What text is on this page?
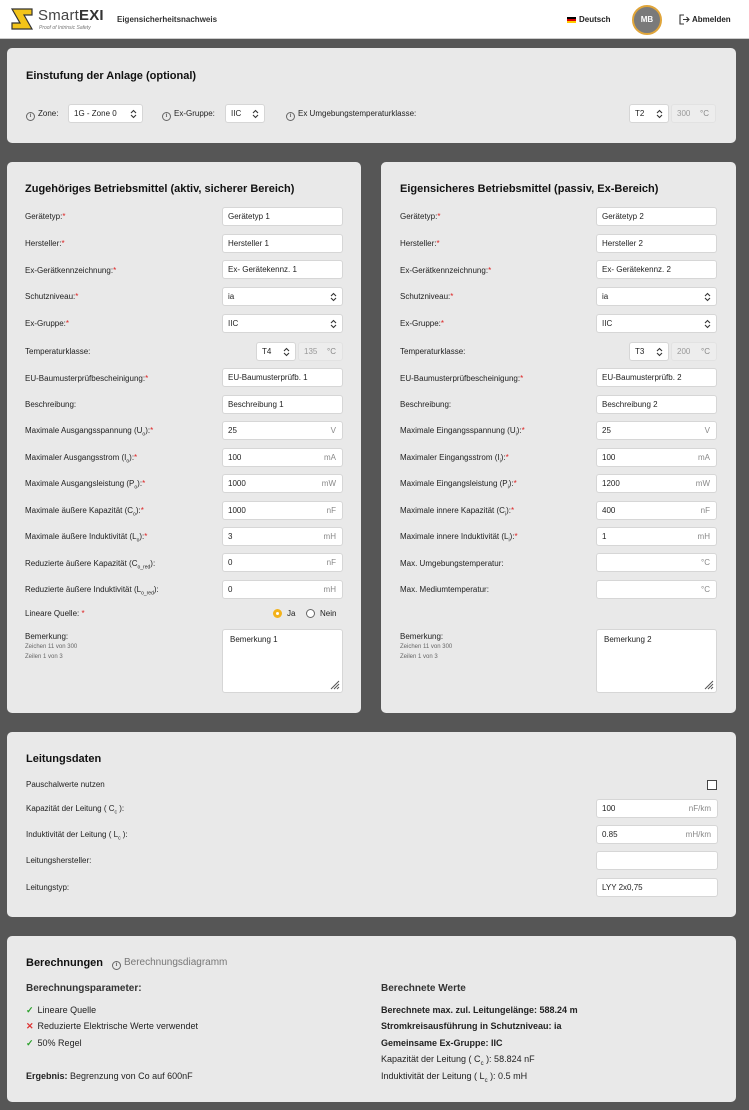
SmartEXI
Proof of Intrinsic Safety
Eigensicherheitsnachweis	Deutsch	MB	Abmelden
Einstufung der Anlage (optional)
i Zone:	1G - Zone 0	i Ex-Gruppe:	IIC	i Ex Umgebungstemperaturklasse:	T2	300 °C
Zugehöriges Betriebsmittel (aktiv, sicherer Bereich)
Gerätetyp:*	Gerätetyp 1
Hersteller:*	Hersteller 1
Ex-Gerätkennzeichnung:*	Ex- Gerätekennz. 1
Schutzniveau:*	ia
Ex-Gruppe:*	IIC
Temperaturklasse:	T4	135 °C
EU-Baumusterprüfbescheinigung:*	EU-Baumusterprüfb. 1
Beschreibung:	Beschreibung 1
Maximale Ausgangsspannung $(U_o):*$	25	V
Maximaler Ausgangsstrom $(I_o):*$	100	mA
Maximale Ausgangsleistung $(P_o):*$	1000	mW
Maximale äußere Kapazität $(C_o):*$	1000	nF
Maximale äußere Induktivität $(L_o):*$	3	mH
Reduzierte äußere Kapazität $(C_{o\_red})$:	0	nF
Reduzierte äußere Induktivität $(L_{o\_red})$:	0	mH
Lineare Quelle: *	Ja	Nein
Bemerkung:
Zeichen 11 von 300
Zeilen 1 von 3
Bemerkung 1
Eigensicheres Betriebsmittel (passiv, Ex-Bereich)
Gerätetyp:*	Gerätetyp 2
Hersteller:*	Hersteller 2
Ex-Gerätkennzeichnung:*	Ex- Gerätekennz. 2
Schutzniveau:*	ia
Ex-Gruppe:*	IIC
Temperaturklasse:	T3	200 °C
EU-Baumusterprüfbescheinigung:*	EU-Baumusterprüfb. 2
Beschreibung:	Beschreibung 2
Maximale Eingangsspannung $(U_i):*$	25	V
Maximaler Eingangsstrom $(I_i):*$	100	mA
Maximale Eingangsleistung $(P_i):*$	1200	mW
Maximale innere Kapazität $(C_i):*$	400	nF
Maximale innere Induktivität $(L_i):*$	1	mH
Max. Umgebungstemperatur:	°C
Max. Mediumtemperatur:	°C
Bemerkung:
Zeichen 11 von 300
Zeilen 1 von 3
Bemerkung 2
Leitungsdaten
Pauschalwerte nutzen
Kapazität der Leitung ( $C_c$ ):	100	nF/km
Induktivität der Leitung ( $L_c$ ):	0.85	mH/km
Leitungshersteller:
Leitungstyp:	LYY 2x0,75
Berechnungen	i Berechnungsdiagramm
Berechnungsparameter:
✓ Lineare Quelle
✕ Reduzierte Elektrische Werte verwendet
✓ 50% Regel
Ergebnis: Begrenzung von Co auf 600nF
Berechnete Werte
Berechnete max. zul. Leitungelänge: 588.24 m
Stromkreisausführung in Schutzniveau: ia
Gemeinsame Ex-Gruppe: IIC
Kapazität der Leitung ( $C_c$ ): 58.824 nF
Induktivität der Leitung ( $L_c$ ): 0.5 mH
